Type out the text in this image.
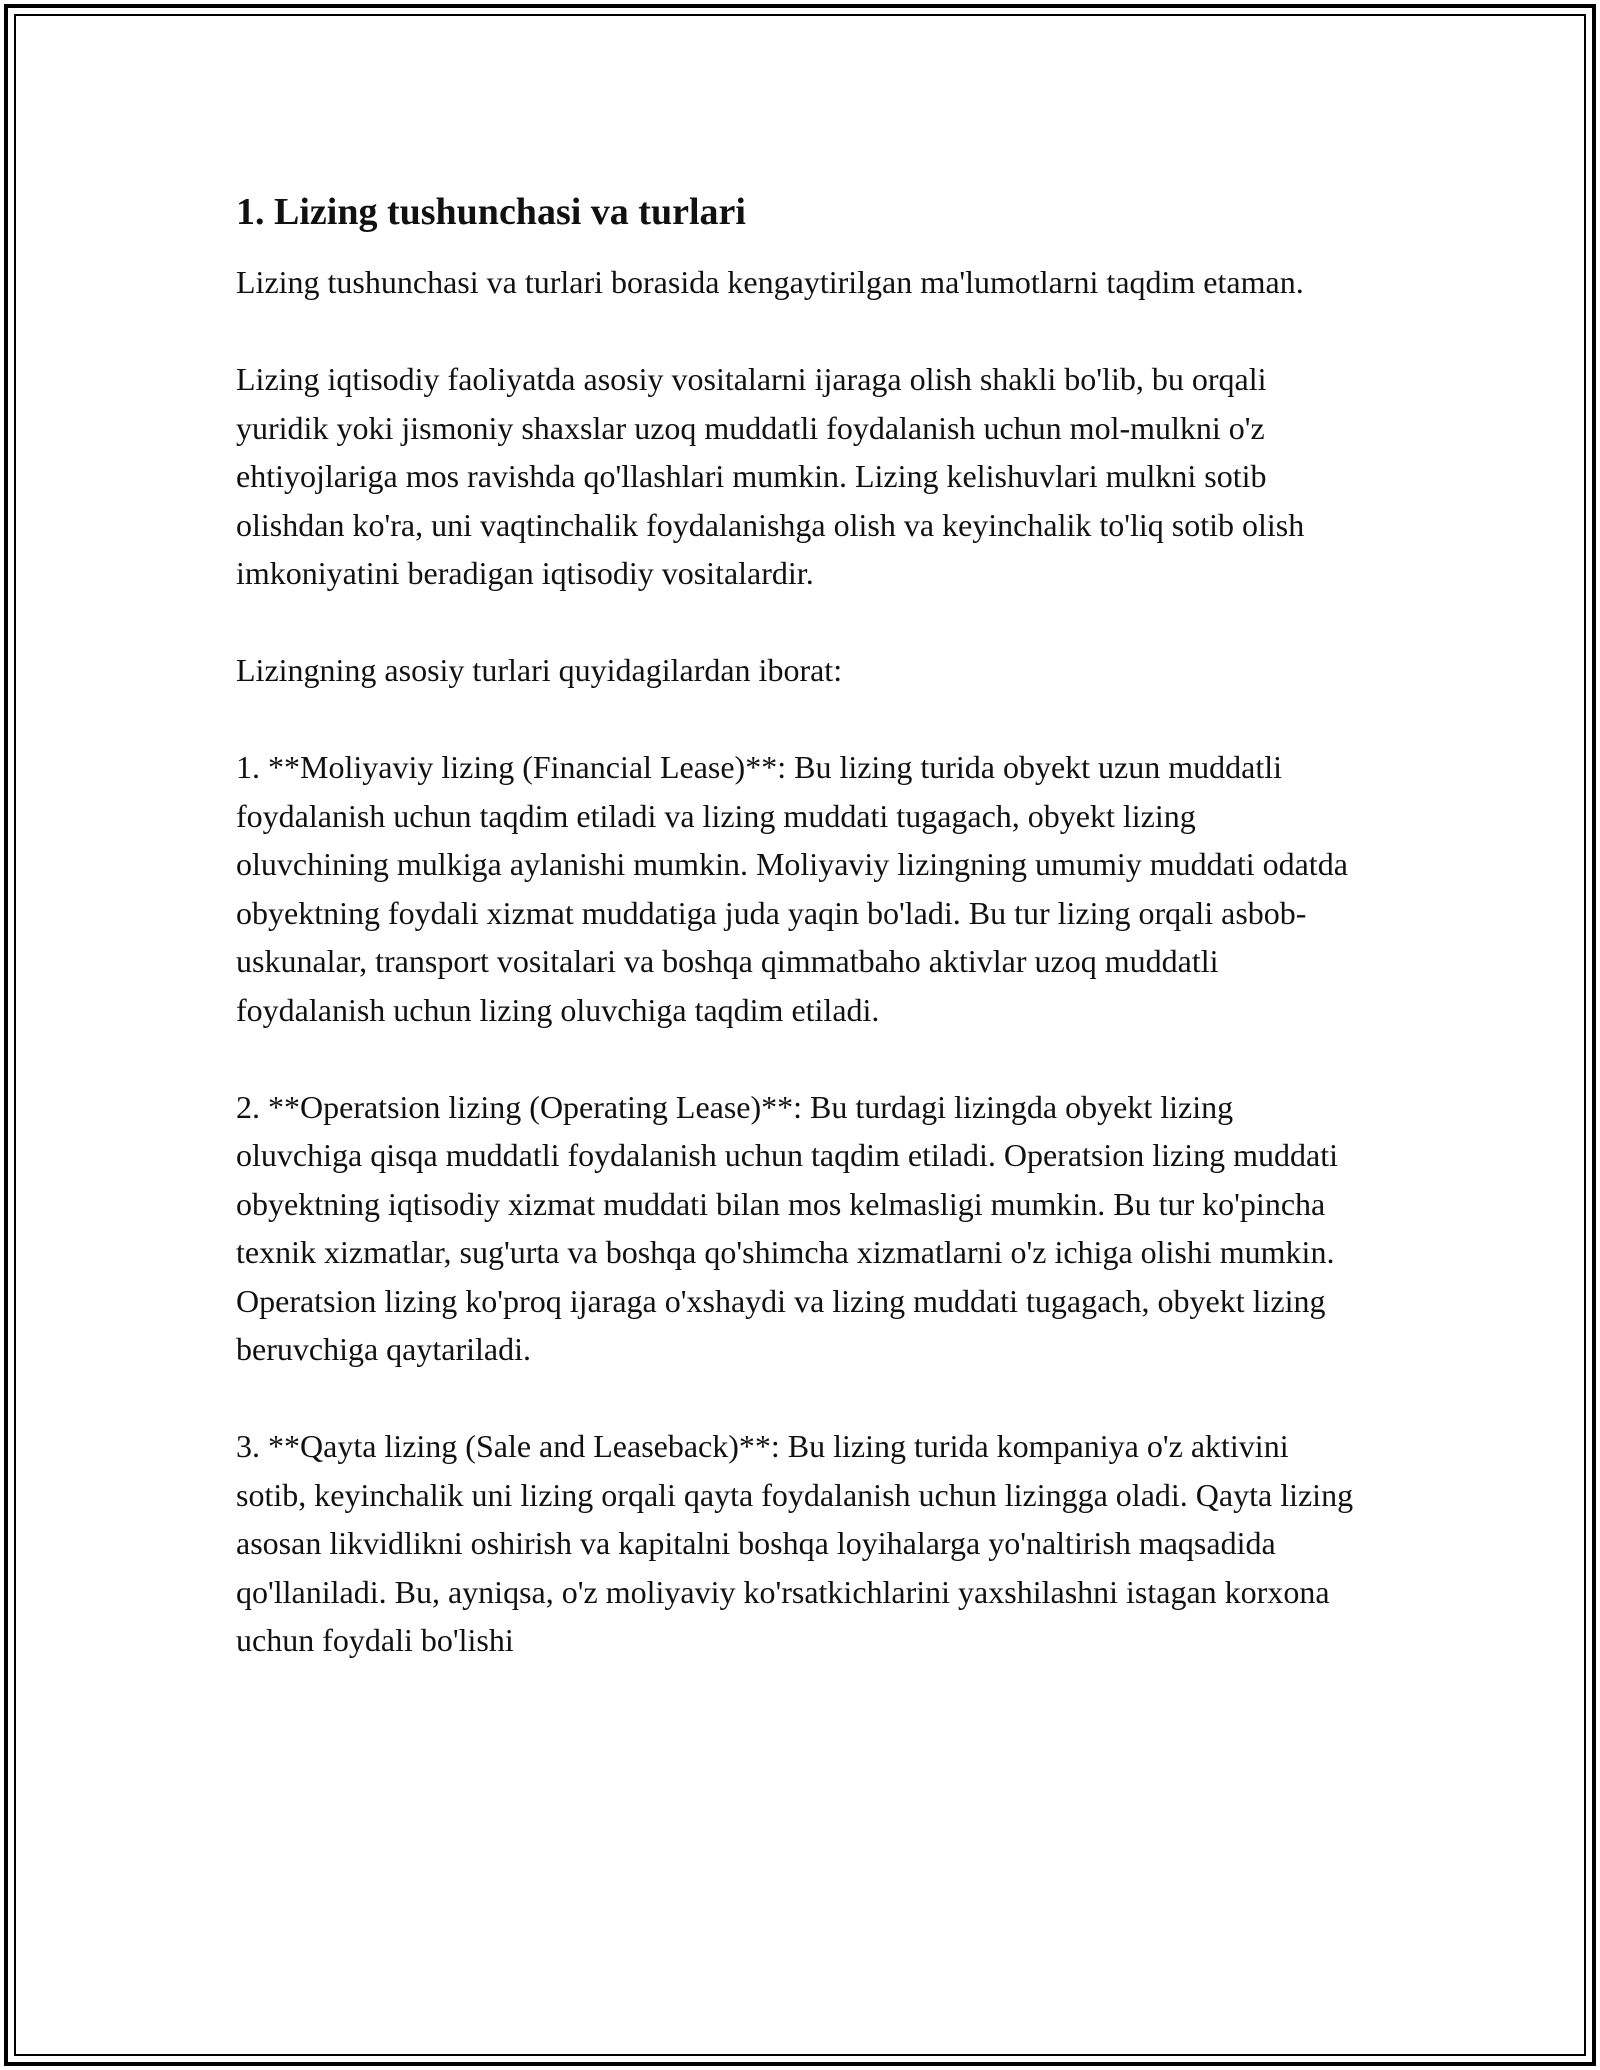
1. Lizing tushunchasi va turlari

Lizing tushunchasi va turlari borasida kengaytirilgan ma'lumotlarni taqdim etaman.

Lizing iqtisodiy faoliyatda asosiy vositalarni ijaraga olish shakli bo'lib, bu orqali yuridik yoki jismoniy shaxslar uzoq muddatli foydalanish uchun mol-mulkni o'z ehtiyojlariga mos ravishda qo'llashlari mumkin. Lizing kelishuvlari mulkni sotib olishdan ko'ra, uni vaqtinchalik foydalanishga olish va keyinchalik to'liq sotib olish imkoniyatini beradigan iqtisodiy vositalardir.

Lizingning asosiy turlari quyidagilardan iborat:

1. **Moliyaviy lizing (Financial Lease)**: Bu lizing turida obyekt uzun muddatli foydalanish uchun taqdim etiladi va lizing muddati tugagach, obyekt lizing oluvchining mulkiga aylanishi mumkin. Moliyaviy lizingning umumiy muddati odatda obyektning foydali xizmat muddatiga juda yaqin bo'ladi. Bu tur lizing orqali asbob-uskunalar, transport vositalari va boshqa qimmatbaho aktivlar uzoq muddatli foydalanish uchun lizing oluvchiga taqdim etiladi.

2. **Operatsion lizing (Operating Lease)**: Bu turdagi lizingda obyekt lizing oluvchiga qisqa muddatli foydalanish uchun taqdim etiladi. Operatsion lizing muddati obyektning iqtisodiy xizmat muddati bilan mos kelmasligi mumkin. Bu tur ko'pincha texnik xizmatlar, sug'urta va boshqa qo'shimcha xizmatlarni o'z ichiga olishi mumkin. Operatsion lizing ko'proq ijaraga o'xshaydi va lizing muddati tugagach, obyekt lizing beruvchiga qaytariladi.

3. **Qayta lizing (Sale and Leaseback)**: Bu lizing turida kompaniya o'z aktivini sotib, keyinchalik uni lizing orqali qayta foydalanish uchun lizingga oladi. Qayta lizing asosan likvidlikni oshirish va kapitalni boshqa loyihalarga yo'naltirish maqsadida qo'llaniladi. Bu, ayniqsa, o'z moliyaviy ko'rsatkichlarini yaxshilashni istagan korxona uchun foydali bo'lishi
